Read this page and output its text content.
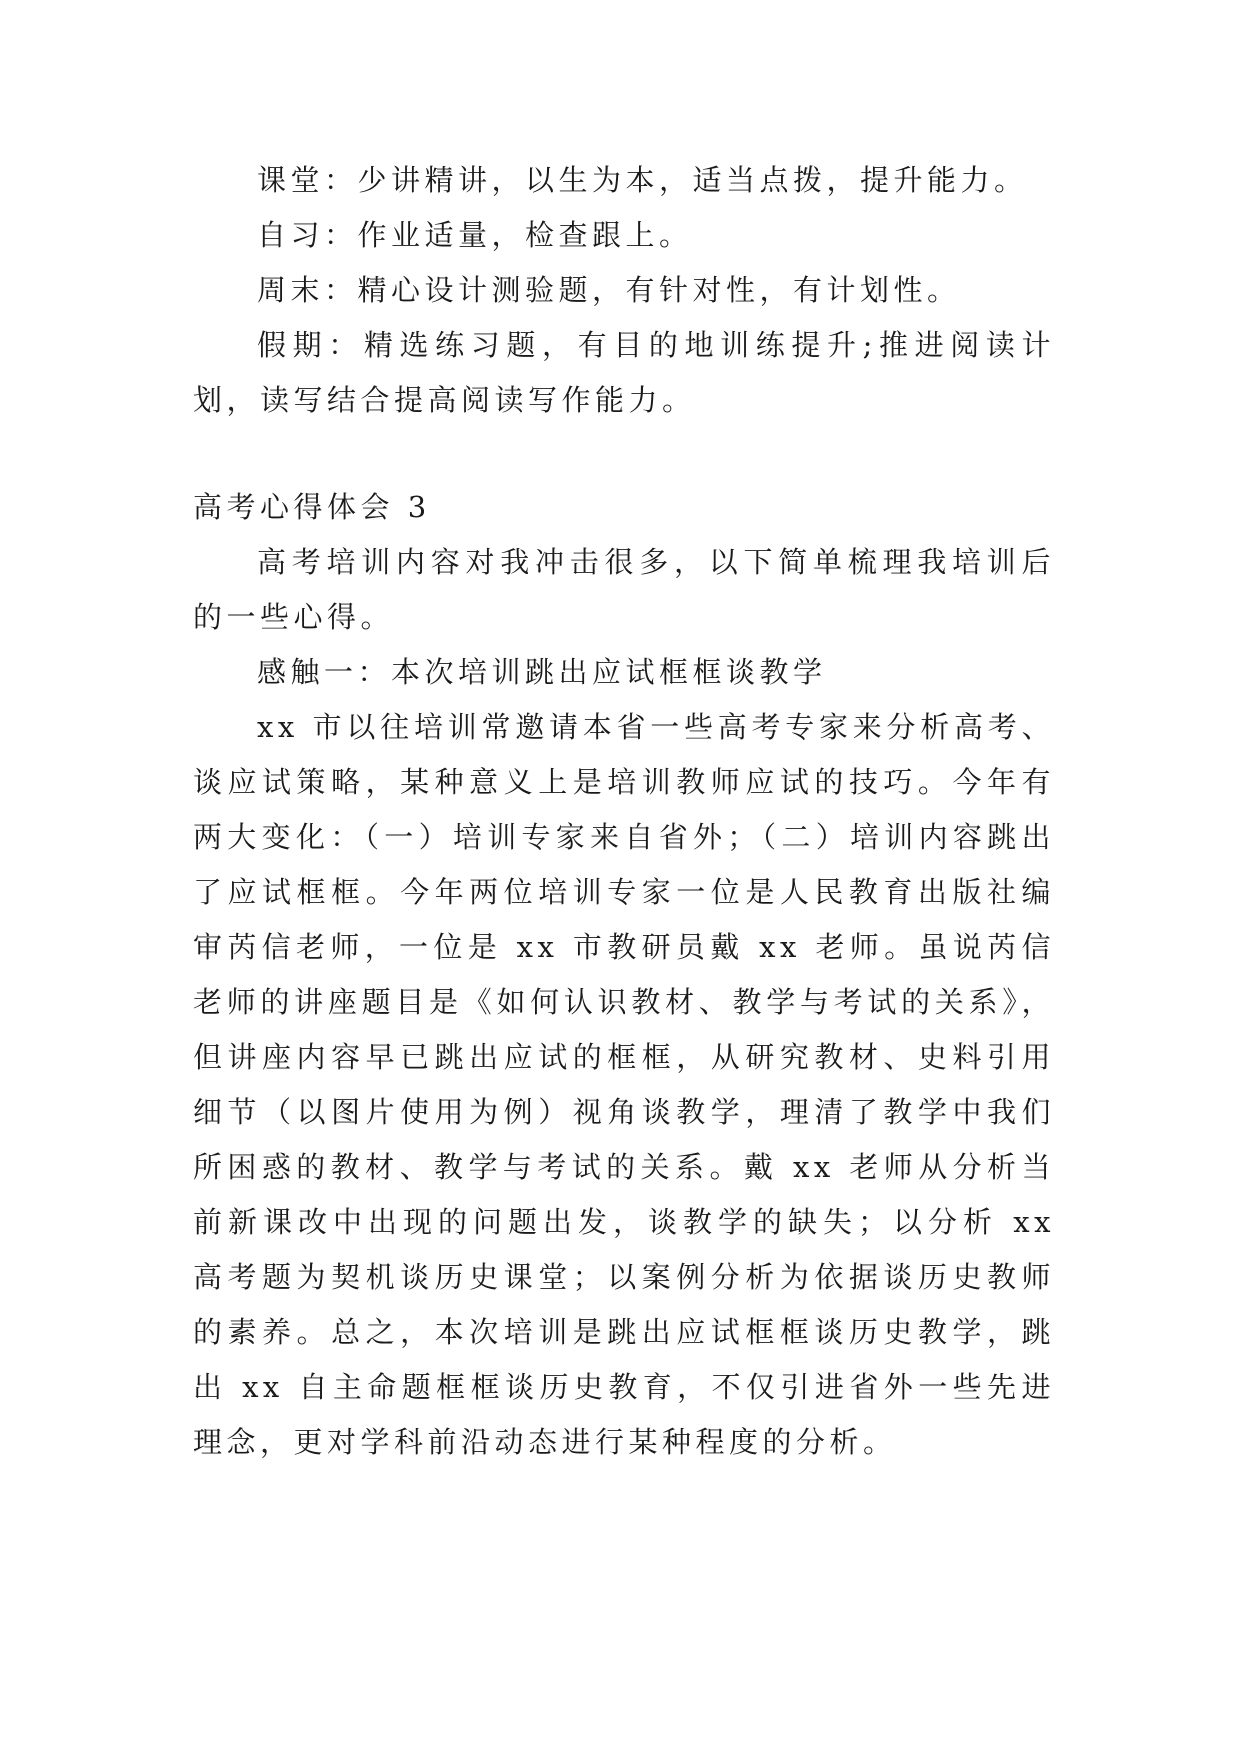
课堂：少讲精讲，以生为本，适当点拨，提升能力。

自习：作业适量，检查跟上。

周末：精心设计测验题，有针对性，有计划性。

假期：精选练习题，有目的地训练提升;推进阅读计划，读写结合提高阅读写作能力。

高考心得体会 3

高考培训内容对我冲击很多，以下简单梳理我培训后的一些心得。

感触一：本次培训跳出应试框框谈教学

xx 市以往培训常邀请本省一些高考专家来分析高考、谈应试策略，某种意义上是培训教师应试的技巧。今年有两大变化：（一）培训专家来自省外；（二）培训内容跳出了应试框框。今年两位培训专家一位是人民教育出版社编审芮信老师，一位是 xx 市教研员戴 xx 老师。虽说芮信老师的讲座题目是《如何认识教材、教学与考试的关系》，但讲座内容早已跳出应试的框框，从研究教材、史料引用细节（以图片使用为例）视角谈教学，理清了教学中我们所困惑的教材、教学与考试的关系。戴 xx 老师从分析当前新课改中出现的问题出发，谈教学的缺失；以分析 xx 高考题为契机谈历史课堂；以案例分析为依据谈历史教师的素养。总之，本次培训是跳出应试框框谈历史教学，跳出 xx 自主命题框框谈历史教育，不仅引进省外一些先进理念，更对学科前沿动态进行某种程度的分析。
